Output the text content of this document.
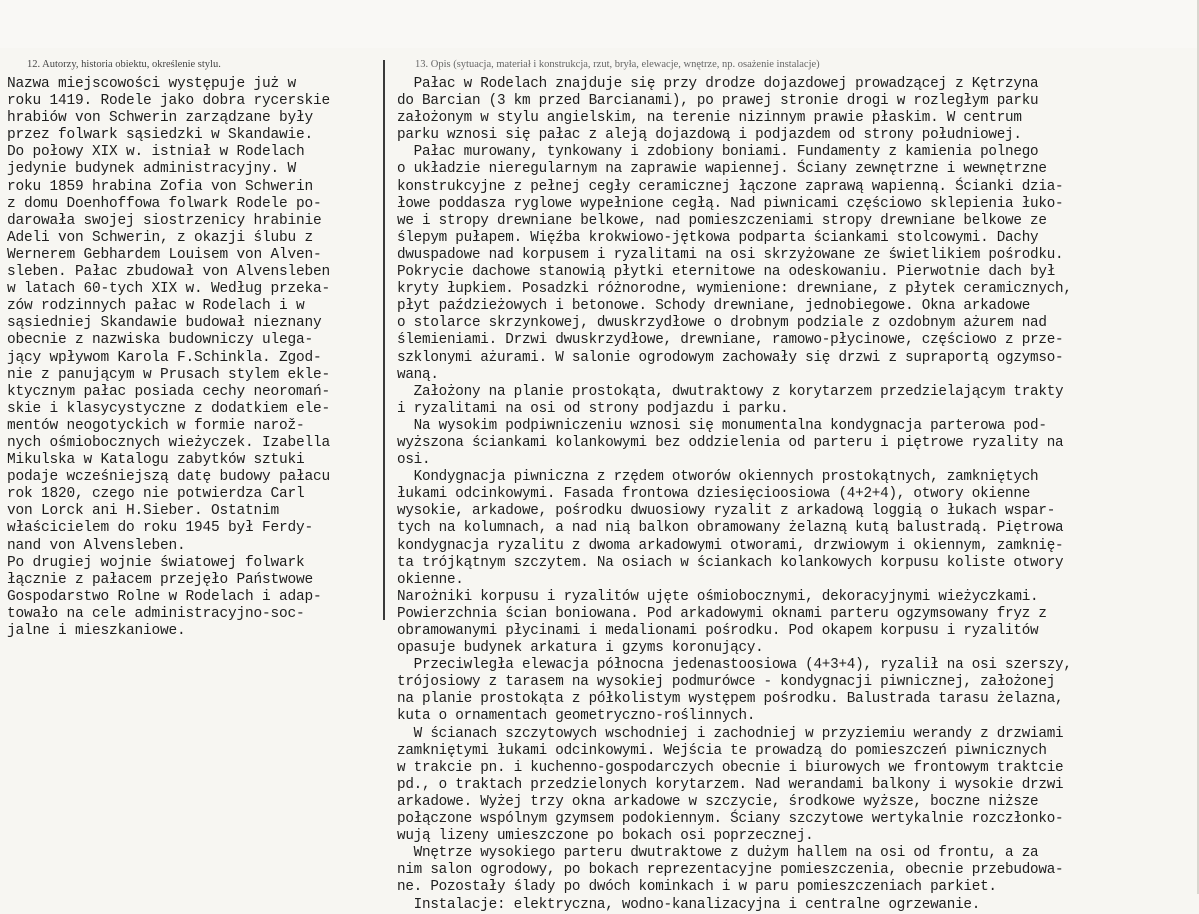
12. Autorzy, historia obiektu, określenie stylu.
Nazwa miejscowości występuje już w
roku 1419. Rodele jako dobra rycerskie
hrabiów von Schwerin zarządzane były
przez folwark sąsiedzki w Skandawie.
Do połowy XIX w. istniał w Rodelach
jedynie budynek administracyjny. W
roku 1859 hrabina Zofia von Schwerin
z domu Doenhoffowa folwark Rodele po-
darowała swojej siostrzenicy hrabinie
Adeli von Schwerin, z okazji ślubu z
Wernerem Gebhardem Louisem von Alven-
sleben. Pałac zbudował von Alvensleben
w latach 60-tych XIX w. Według przeka-
zów rodzinnych pałac w Rodelach i w
sąsiedniej Skandawie budował nieznany
obecnie z nazwiska budowniczy ulega-
jący wpływom Karola F.Schinkla. Zgod-
nie z panującym w Prusach stylem ekle-
ktycznym pałac posiada cechy neoromań-
skie i klasycystyczne z dodatkiem ele-
mentów neogotyckich w formie narož-
nych ośmiobocznych wieżyczek. Izabella
Mikulska w Katalogu zabytków sztuki
podaje wcześniejszą datę budowy pałacu
rok 1820, czego nie potwierdza Carl
von Lorck ani H.Sieber. Ostatnim
właścicielem do roku 1945 był Ferdy-
nand von Alvensleben.
Po drugiej wojnie światowej folwark
łącznie z pałacem przejęło Państwowe
Gospodarstwo Rolne w Rodelach i adap-
towało na cele administracyjno-soc-
jalne i mieszkaniowe.
13. Opis (sytuacja, materiał i konstrukcja, rzut, bryła, elewacje, wnętrze, np. osażenie instalacje)
Pałac w Rodelach znajduje się przy drodze dojazdowej prowadzącej z Kętrzyna
do Barcian (3 km przed Barcianami), po prawej stronie drogi w rozległym parku
założonym w stylu angielskim, na terenie nizinnym prawie płaskim. W centrum
parku wznosi się pałac z aleją dojazdową i podjazdem od strony południowej.
Pałac murowany, tynkowany i zdobiony boniami. Fundamenty z kamienia polnego
o układzie nieregularnym na zaprawie wapiennej. Ściany zewnętrzne i wewnętrzne
konstrukcyjne z pełnej cegły ceramicznej łączone zaprawą wapienną. Ścianki dzia-
łowe poddasza ryglowe wypełnione cegłą. Nad piwnicami częściowo sklepienia łuko-
we i stropy drewniane belkowe, nad pomieszczeniami stropy drewniane belkowe ze
ślepym pułapem. Więźba krokwiowo-jętkowa podparta ściankami stolcowymi. Dachy
dwuspadowe nad korpusem i ryzalitami na osi skrzyżowane ze świetlikiem pośrodku.
Pokrycie dachowe stanowią płytki eternitowe na odeskowaniu. Pierwotnie dach był
kryty łupkiem. Posadzki różnorodne, wymienione: drewniane, z płytek ceramicznych,
płyt paździeżowych i betonowe. Schody drewniane, jednobiegowe. Okna arkadowe
o stolarce skrzynkowej, dwuskrzydłowe o drobnym podziale z ozdobnym ażurem nad
ślemieniami. Drzwi dwuskrzydłowe, drewniane, ramowo-płycinowe, częściowo z prze-
szklonymi ażurami. W salonie ogrodowym zachowały się drzwi z supraportą ogzymso-
waną.
Założony na planie prostokąta, dwutraktowy z korytarzem przedzielającym trakty
i ryzalitami na osi od strony podjazdu i parku.
Na wysokim podpiwniczeniu wznosi się monumentalna kondygnacja parterowa pod-
wyższona ściankami kolankowymi bez oddzielenia od parteru i piętrowe ryzality na
osi.
Kondygnacja piwniczna z rzędem otworów okiennych prostokątnych, zamkniętych
łukami odcinkowymi. Fasada frontowa dziesięcioosiowa (4+2+4), otwory okienne
wysokie, arkadowe, pośrodku dwuosiowy ryzalit z arkadową loggią o łukach wspar-
tych na kolumnach, a nad nią balkon obramowany żelazną kutą balustradą. Piętrowa
kondygnacja ryzalitu z dwoma arkadowymi otworami, drzwiowym i okiennym, zamknię-
ta trójkątnym szczytem. Na osiach w ściankach kolankowych korpusu koliste otwory
okienne.
Narożniki korpusu i ryzalitów ujęte ośmiobocznymi, dekoracyjnymi wieżyczkami.
Powierzchnia ścian boniowana. Pod arkadowymi oknami parteru ogzymsowany fryz z
obramowanymi płycinami i medalionami pośrodku. Pod okapem korpusu i ryzalitów
opasuje budynek arkatura i gzyms koronujący.
Przeciwległa elewacja północna jedenastoosiowa (4+3+4), ryzalił na osi szerszy,
trójosiowy z tarasem na wysokiej podmurówce - kondygnacji piwnicznej, założonej
na planie prostokąta z półkolistym występem pośrodku. Balustrada tarasu żelazna,
kuta o ornamentach geometryczno-roślinnych.
W ścianach szczytowych wschodniej i zachodniej w przyziemiu werandy z drzwiami
zamkniętymi łukami odcinkowymi. Wejścia te prowadzą do pomieszczeń piwnicznych
w trakcie pn. i kuchenno-gospodarczych obecnie i biurowych we frontowym traktcie
pd., o traktach przedzielonych korytarzem. Nad werandami balkony i wysokie drzwi
arkadowe. Wyżej trzy okna arkadowe w szczycie, środkowe wyższe, boczne niższe
połączone wspólnym gzymsem podokiennym. Ściany szczytowe wertykalnie rozczłonko-
wują lizeny umieszczone po bokach osi poprzecznej.
Wnętrze wysokiego parteru dwutraktowe z dużym hallem na osi od frontu, a za
nim salon ogrodowy, po bokach reprezentacyjne pomieszczenia, obecnie przebudowa-
ne. Pozostały ślady po dwóch kominkach i w paru pomieszczeniach parkiet.
Instalacje: elektryczna, wodno-kanalizacyjna i centralne ogrzewanie.
